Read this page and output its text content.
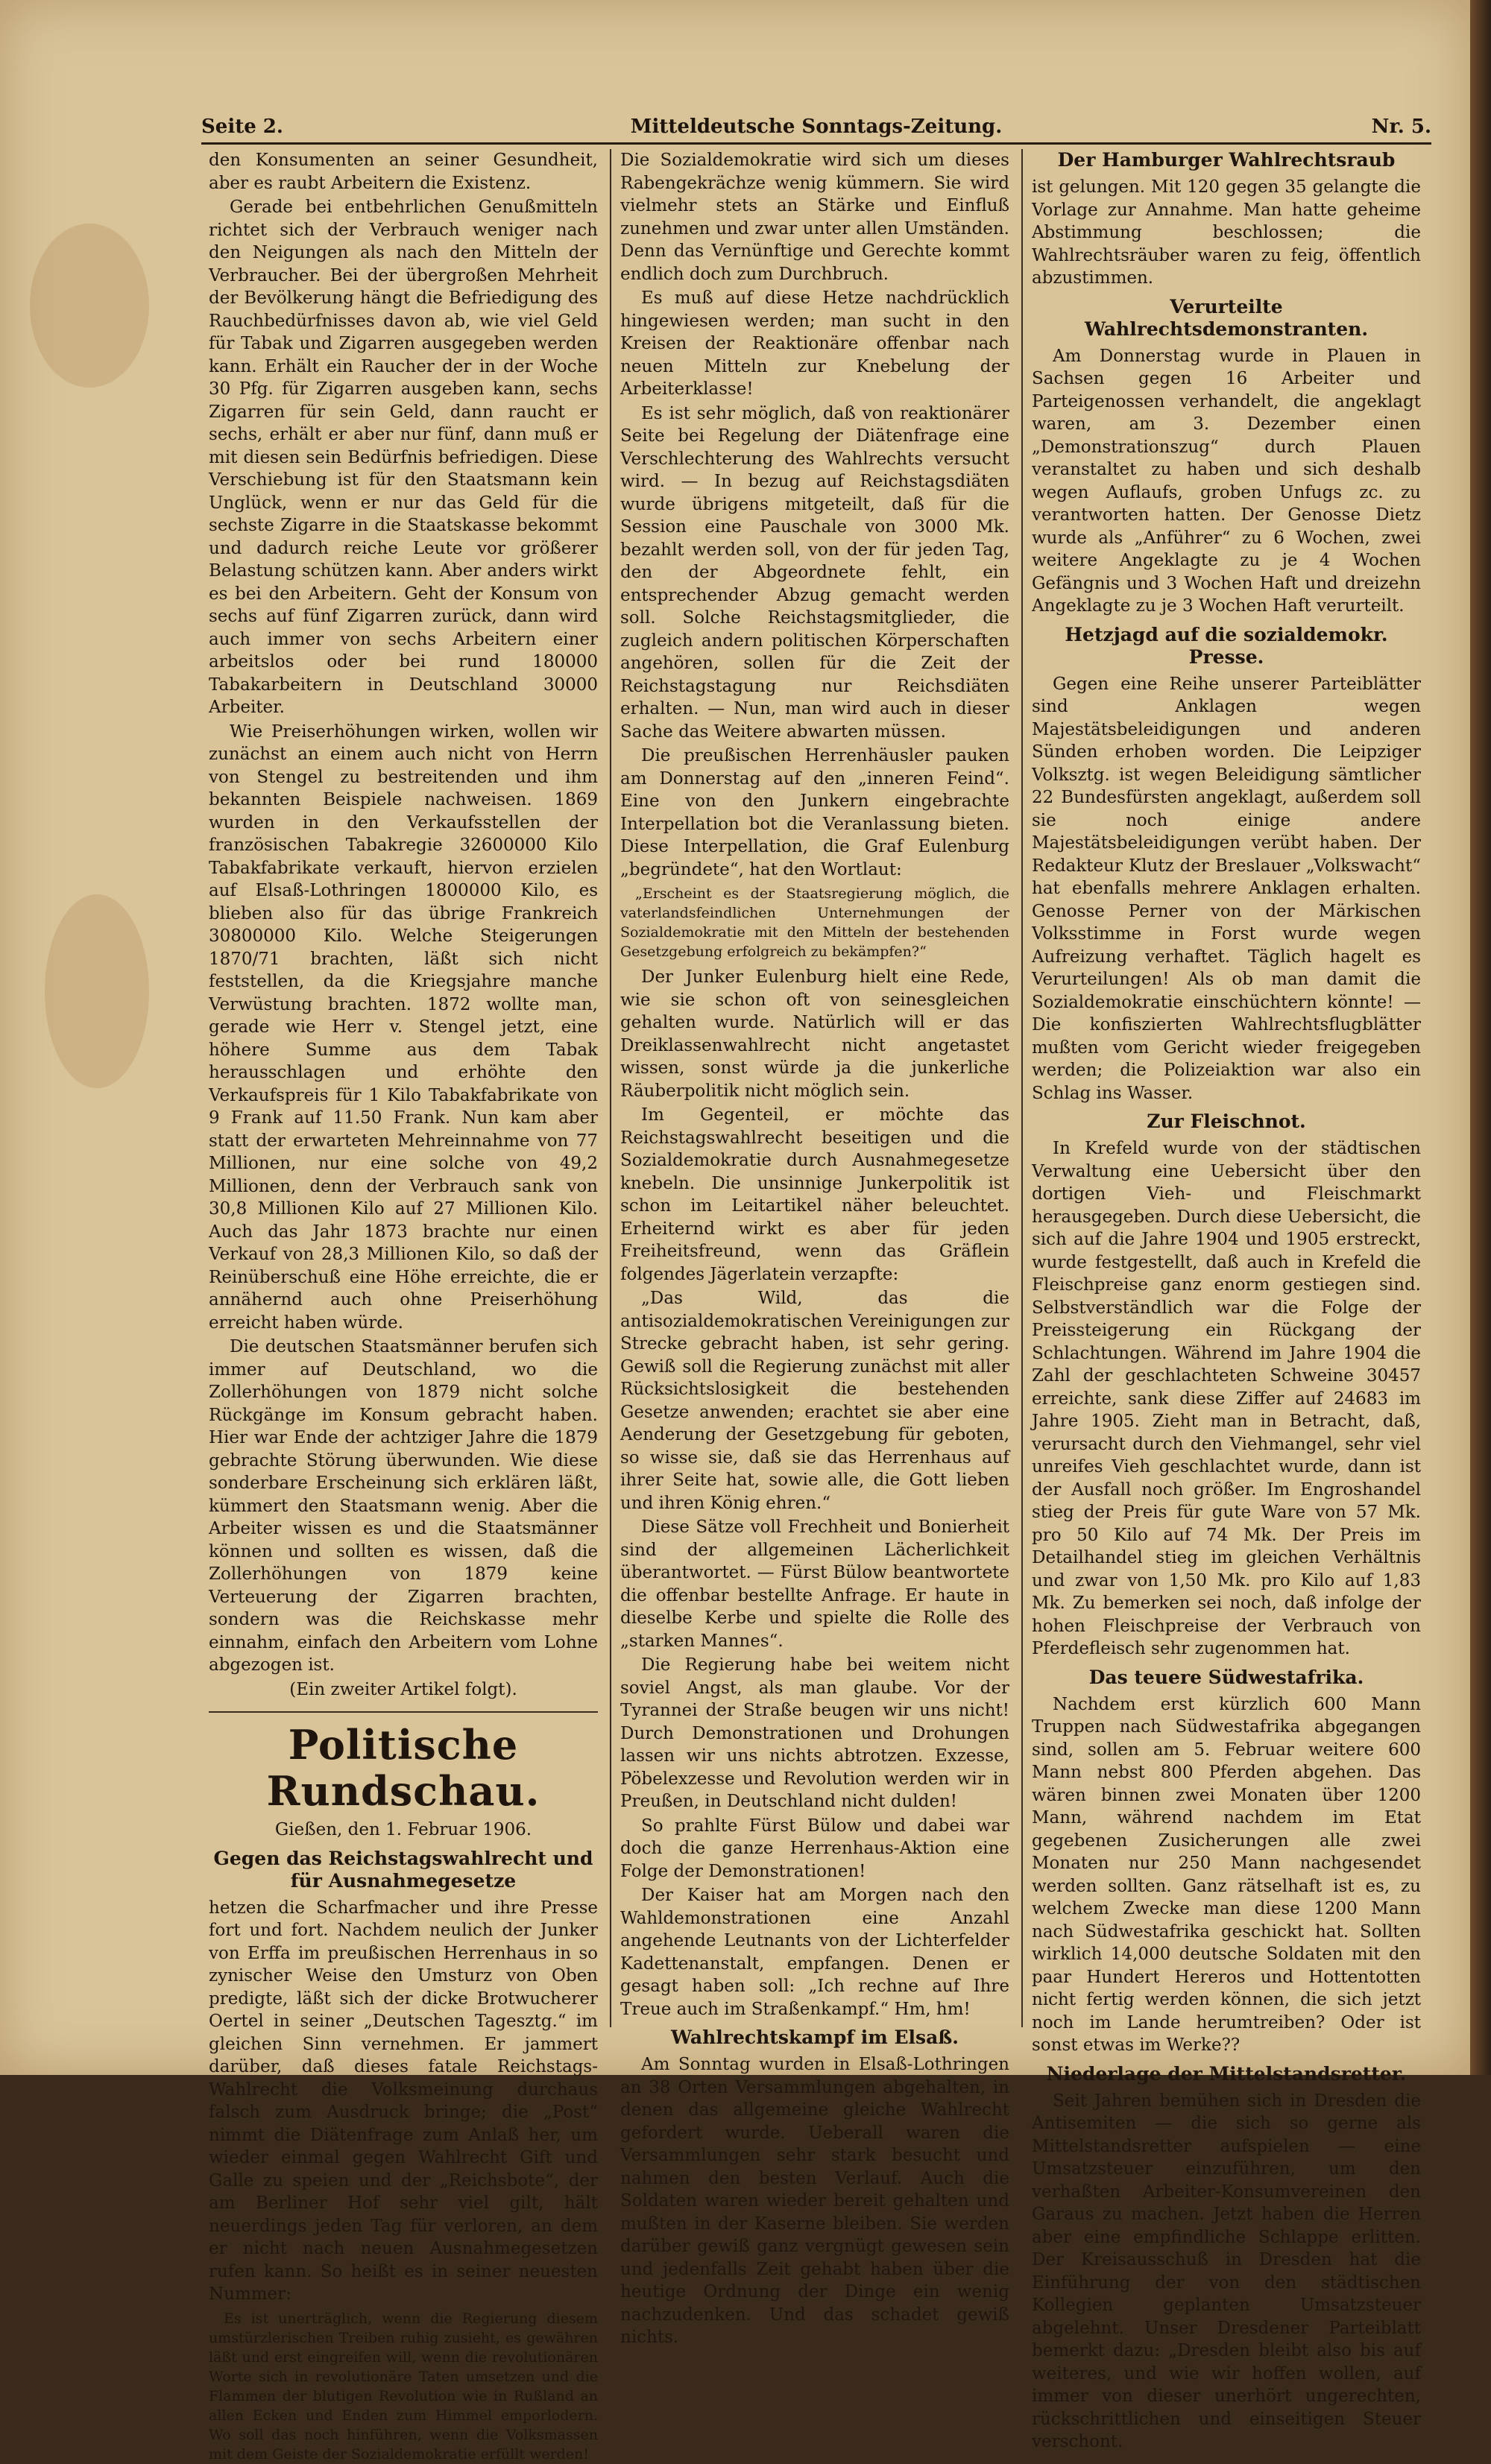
Seite 2.	Mitteldeutsche Sonntags-Zeitung.	Nr. 5.

den Konsumenten an seiner Gesundheit, aber es raubt Arbeitern die Existenz.

Gerade bei entbehrlichen Genußmitteln richtet sich der Verbrauch weniger nach den Neigungen als nach den Mitteln der Verbraucher. Bei der übergroßen Mehrheit der Bevölkerung hängt die Befriedigung des Rauchbedürfnisses davon ab, wie viel Geld für Tabak und Zigarren ausgegeben werden kann. Erhält ein Raucher der in der Woche 30 Pfg. für Zigarren ausgeben kann, sechs Zigarren für sein Geld, dann raucht er sechs, erhält er aber nur fünf, dann muß er mit diesen sein Bedürfnis befriedigen. Diese Verschiebung ist für den Staatsmann kein Unglück, wenn er nur das Geld für die sechste Zigarre in die Staatskasse bekommt und dadurch reiche Leute vor größerer Belastung schützen kann. Aber anders wirkt es bei den Arbeitern. Geht der Konsum von sechs auf fünf Zigarren zurück, dann wird auch immer von sechs Arbeitern einer arbeitslos oder bei rund 180000 Tabakarbeitern in Deutschland 30000 Arbeiter.

Wie Preiserhöhungen wirken, wollen wir zunächst an einem auch nicht von Herrn von Stengel zu bestreitenden und ihm bekannten Beispiele nachweisen. 1869 wurden in den Verkaufsstellen der französischen Tabakregie 32600000 Kilo Tabakfabrikate verkauft, hiervon erzielen auf Elsaß-Lothringen 1800000 Kilo, es blieben also für das übrige Frankreich 30800000 Kilo. Welche Steigerungen 1870/71 brachten, läßt sich nicht feststellen, da die Kriegsjahre manche Verwüstung brachten. 1872 wollte man, gerade wie Herr v. Stengel jetzt, eine höhere Summe aus dem Tabak herausschlagen und erhöhte den Verkaufspreis für 1 Kilo Tabakfabrikate von 9 Frank auf 11.50 Frank. Nun kam aber statt der erwarteten Mehreinnahme von 77 Millionen, nur eine solche von 49,2 Millionen, denn der Verbrauch sank von 30,8 Millionen Kilo auf 27 Millionen Kilo. Auch das Jahr 1873 brachte nur einen Verkauf von 28,3 Millionen Kilo, so daß der Reinüberschuß eine Höhe erreichte, die er annähernd auch ohne Preiserhöhung erreicht haben würde.

Die deutschen Staatsmänner berufen sich immer auf Deutschland, wo die Zollerhöhungen von 1879 nicht solche Rückgänge im Konsum gebracht haben. Hier war Ende der achtziger Jahre die 1879 gebrachte Störung überwunden. Wie diese sonderbare Erscheinung sich erklären läßt, kümmert den Staatsmann wenig. Aber die Arbeiter wissen es und die Staatsmänner können und sollten es wissen, daß die Zollerhöhungen von 1879 keine Verteuerung der Zigarren brachten, sondern was die Reichskasse mehr einnahm, einfach den Arbeitern vom Lohne abgezogen ist.

(Ein zweiter Artikel folgt).

Politische Rundschau.
Gießen, den 1. Februar 1906.
Gegen das Reichstagswahlrecht und für Ausnahmegesetze

hetzen die Scharfmacher und ihre Presse fort und fort. Nachdem neulich der Junker von Erffa im preußischen Herrenhaus in so zynischer Weise den Umsturz von Oben predigte, läßt sich der dicke Brotwucherer Oertel in seiner „Deutschen Tagesztg.“ im gleichen Sinn vernehmen. Er jammert darüber, daß dieses fatale Reichstags-Wahlrecht die Volksmeinung durchaus falsch zum Ausdruck bringe; die „Post“ nimmt die Diätenfrage zum Anlaß her, um wieder einmal gegen Wahlrecht Gift und Galle zu speien und der „Reichsbote“, der am Berliner Hof sehr viel gilt, hält neuerdings jeden Tag für verloren, an dem er nicht nach neuen Ausnahmegesetzen rufen kann. So heißt es in seiner neuesten Nummer:

Es ist unerträglich, wenn die Regierung diesem umstürzlerischen Treiben ruhig zusieht, es gewähren läßt und erst eingreifen will, wenn die revolutionären Worte sich in revolutionäre Taten umsetzen und die Flammen der blutigen Revolution wie in Rußland an allen Ecken und Enden zum Himmel emporlodern. Wo soll das noch hinführen, wenn die Volksmassen mit dem Geiste der Sozialdemokratie erfüllt werden!

Die Sozialdemokratie wird sich um dieses Rabengekrächze wenig kümmern. Sie wird vielmehr stets an Stärke und Einfluß zunehmen und zwar unter allen Umständen. Denn das Vernünftige und Gerechte kommt endlich doch zum Durchbruch.

Es muß auf diese Hetze nachdrücklich hingewiesen werden; man sucht in den Kreisen der Reaktionäre offenbar nach neuen Mitteln zur Knebelung der Arbeiterklasse!

Es ist sehr möglich, daß von reaktionärer Seite bei Regelung der Diätenfrage eine Verschlechterung des Wahlrechts versucht wird. — In bezug auf Reichstagsdiäten wurde übrigens mitgeteilt, daß für die Session eine Pauschale von 3000 Mk. bezahlt werden soll, von der für jeden Tag, den der Abgeordnete fehlt, ein entsprechender Abzug gemacht werden soll. Solche Reichstagsmitglieder, die zugleich andern politischen Körperschaften angehören, sollen für die Zeit der Reichstagstagung nur Reichsdiäten erhalten. — Nun, man wird auch in dieser Sache das Weitere abwarten müssen.

Die preußischen Herrenhäusler pauken am Donnerstag auf den „inneren Feind“. Eine von den Junkern eingebrachte Interpellation bot die Veranlassung bieten. Diese Interpellation, die Graf Eulenburg „begründete“, hat den Wortlaut:

„Erscheint es der Staatsregierung möglich, die vaterlandsfeindlichen Unternehmungen der Sozialdemokratie mit den Mitteln der bestehenden Gesetzgebung erfolgreich zu bekämpfen?“

Der Junker Eulenburg hielt eine Rede, wie sie schon oft von seinesgleichen gehalten wurde. Natürlich will er das Dreiklassenwahlrecht nicht angetastet wissen, sonst würde ja die junkerliche Räuberpolitik nicht möglich sein.

Im Gegenteil, er möchte das Reichstagswahlrecht beseitigen und die Sozialdemokratie durch Ausnahmegesetze knebeln. Die unsinnige Junkerpolitik ist schon im Leitartikel näher beleuchtet. Erheiternd wirkt es aber für jeden Freiheitsfreund, wenn das Gräflein folgendes Jägerlatein verzapfte:

„Das Wild, das die antisozialdemokratischen Vereinigungen zur Strecke gebracht haben, ist sehr gering. Gewiß soll die Regierung zunächst mit aller Rücksichtslosigkeit die bestehenden Gesetze anwenden; erachtet sie aber eine Aenderung der Gesetzgebung für geboten, so wisse sie, daß sie das Herrenhaus auf ihrer Seite hat, sowie alle, die Gott lieben und ihren König ehren.“

Diese Sätze voll Frechheit und Bonierheit sind der allgemeinen Lächerlichkeit überantwortet. — Fürst Bülow beantwortete die offenbar bestellte Anfrage. Er haute in dieselbe Kerbe und spielte die Rolle des „starken Mannes“.

Die Regierung habe bei weitem nicht soviel Angst, als man glaube. Vor der Tyrannei der Straße beugen wir uns nicht! Durch Demonstrationen und Drohungen lassen wir uns nichts abtrotzen. Exzesse, Pöbelexzesse und Revolution werden wir in Preußen, in Deutschland nicht dulden!

So prahlte Fürst Bülow und dabei war doch die ganze Herrenhaus-Aktion eine Folge der Demonstrationen!

Der Kaiser hat am Morgen nach den Wahldemonstrationen eine Anzahl angehende Leutnants von der Lichterfelder Kadettenanstalt, empfangen. Denen er gesagt haben soll: „Ich rechne auf Ihre Treue auch im Straßenkampf.“ Hm, hm!

Wahlrechtskampf im Elsaß.

Am Sonntag wurden in Elsaß-Lothringen an 38 Orten Versammlungen abgehalten, in denen das allgemeine gleiche Wahlrecht gefordert wurde. Ueberall waren die Versammlungen sehr stark besucht und nahmen den besten Verlauf. Auch die Soldaten waren wieder bereit gehalten und mußten in der Kaserne bleiben. Sie werden darüber gewiß ganz vergnügt gewesen sein und jedenfalls Zeit gehabt haben über die heutige Ordnung der Dinge ein wenig nachzudenken. Und das schadet gewiß nichts.

Der Hamburger Wahlrechtsraub

ist gelungen. Mit 120 gegen 35 gelangte die Vorlage zur Annahme. Man hatte geheime Abstimmung beschlossen; die Wahlrechtsräuber waren zu feig, öffentlich abzustimmen.

Verurteilte Wahlrechtsdemonstranten.

Am Donnerstag wurde in Plauen in Sachsen gegen 16 Arbeiter und Parteigenossen verhandelt, die angeklagt waren, am 3. Dezember einen „Demonstrationszug“ durch Plauen veranstaltet zu haben und sich deshalb wegen Auflaufs, groben Unfugs zc. zu verantworten hatten. Der Genosse Dietz wurde als „Anführer“ zu 6 Wochen, zwei weitere Angeklagte zu je 4 Wochen Gefängnis und 3 Wochen Haft und dreizehn Angeklagte zu je 3 Wochen Haft verurteilt.

Hetzjagd auf die sozialdemokr. Presse.

Gegen eine Reihe unserer Parteiblätter sind Anklagen wegen Majestätsbeleidigungen und anderen Sünden erhoben worden. Die Leipziger Volksztg. ist wegen Beleidigung sämtlicher 22 Bundesfürsten angeklagt, außerdem soll sie noch einige andere Majestätsbeleidigungen verübt haben. Der Redakteur Klutz der Breslauer „Volkswacht“ hat ebenfalls mehrere Anklagen erhalten. Genosse Perner von der Märkischen Volksstimme in Forst wurde wegen Aufreizung verhaftet. Täglich hagelt es Verurteilungen! Als ob man damit die Sozialdemokratie einschüchtern könnte! — Die konfiszierten Wahlrechtsflugblätter mußten vom Gericht wieder freigegeben werden; die Polizeiaktion war also ein Schlag ins Wasser.

Zur Fleischnot.

In Krefeld wurde von der städtischen Verwaltung eine Uebersicht über den dortigen Vieh- und Fleischmarkt herausgegeben. Durch diese Uebersicht, die sich auf die Jahre 1904 und 1905 erstreckt, wurde festgestellt, daß auch in Krefeld die Fleischpreise ganz enorm gestiegen sind. Selbstverständlich war die Folge der Preissteigerung ein Rückgang der Schlachtungen. Während im Jahre 1904 die Zahl der geschlachteten Schweine 30457 erreichte, sank diese Ziffer auf 24683 im Jahre 1905. Zieht man in Betracht, daß, verursacht durch den Viehmangel, sehr viel unreifes Vieh geschlachtet wurde, dann ist der Ausfall noch größer. Im Engroshandel stieg der Preis für gute Ware von 57 Mk. pro 50 Kilo auf 74 Mk. Der Preis im Detailhandel stieg im gleichen Verhältnis und zwar von 1,50 Mk. pro Kilo auf 1,83 Mk. Zu bemerken sei noch, daß infolge der hohen Fleischpreise der Verbrauch von Pferdefleisch sehr zugenommen hat.

Das teuere Südwestafrika.

Nachdem erst kürzlich 600 Mann Truppen nach Südwestafrika abgegangen sind, sollen am 5. Februar weitere 600 Mann nebst 800 Pferden abgehen. Das wären binnen zwei Monaten über 1200 Mann, während nachdem im Etat gegebenen Zusicherungen alle zwei Monaten nur 250 Mann nachgesendet werden sollten. Ganz rätselhaft ist es, zu welchem Zwecke man diese 1200 Mann nach Südwestafrika geschickt hat. Sollten wirklich 14,000 deutsche Soldaten mit den paar Hundert Hereros und Hottentotten nicht fertig werden können, die sich jetzt noch im Lande herumtreiben? Oder ist sonst etwas im Werke??

Niederlage der Mittelstandsretter.

Seit Jahren bemühen sich in Dresden die Antisemiten — die sich so gerne als Mittelstandsretter aufspielen — eine Umsatzsteuer einzuführen, um den verhaßten Arbeiter-Konsumvereinen den Garaus zu machen. Jetzt haben die Herren aber eine empfindliche Schlappe erlitten. Der Kreisausschuß in Dresden hat die Einführung der von den städtischen Kollegien geplanten Umsatzsteuer abgelehnt. Unser Dresdener Parteiblatt bemerkt dazu: „Dresden bleibt also bis auf weiteres, und wie wir hoffen wollen, auf immer von dieser unerhört ungerechten, rückschrittlichen und einseitigen Steuer verschont.
